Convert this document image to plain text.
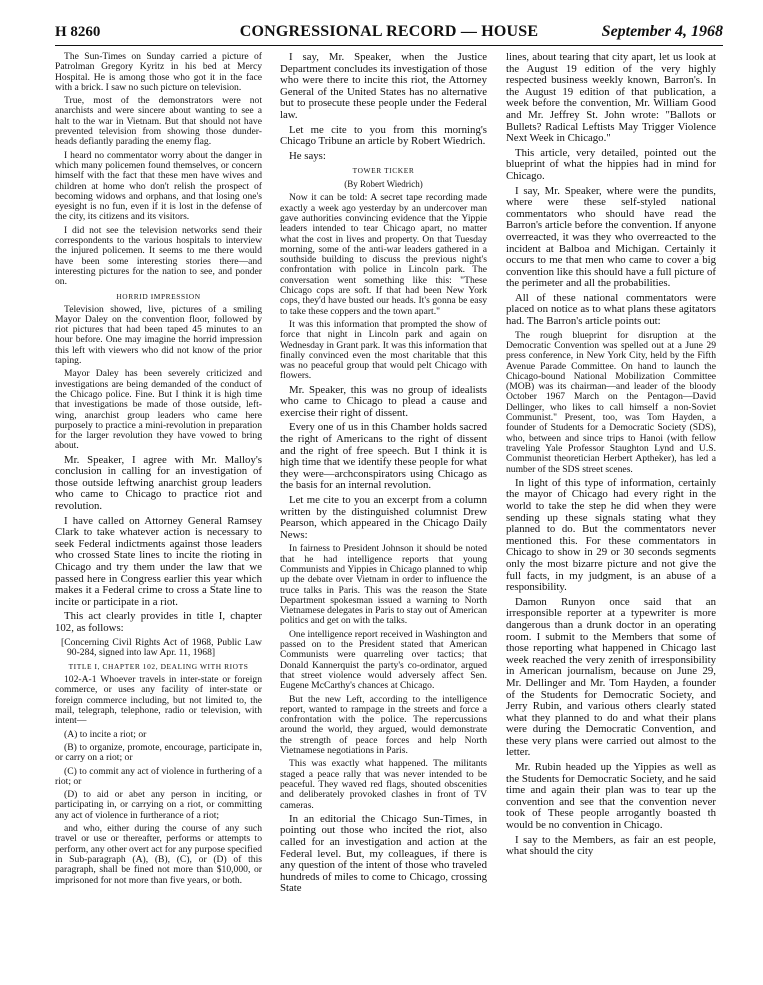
H 8260	CONGRESSIONAL RECORD — HOUSE	September 4, 1968

The Sun-Times on Sunday carried a picture of Patrolman Gregory Kyritz in his bed at Mercy Hospital. He is among those who got it in the face with a brick. I saw no such picture on television.

True, most of the demonstrators were not anarchists and were sincere about wanting to see a halt to the war in Vietnam. But that should not have prevented television from showing those dunder-heads defiantly parading the enemy flag.

I heard no commentator worry about the danger in which many policemen found themselves, or concern himself with the fact that these men have wives and children at home who don't relish the prospect of becoming widows and orphans, and that losing one's eyesight is no fun, even if it is lost in the defense of the city, its citizens and its visitors.

I did not see the television networks send their correspondents to the various hospitals to interview the injured policemen. It seems to me there would have been some interesting stories there—and interesting pictures for the nation to see, and ponder on.

HORRID IMPRESSION

Television showed, live, pictures of a smiling Mayor Daley on the convention floor, followed by riot pictures that had been taped 45 minutes to an hour before. One may imagine the horrid impression this left with viewers who did not know of the prior taping.

Mayor Daley has been severely criticized and investigations are being demanded of the conduct of the Chicago police. Fine. But I think it is high time that investigations be made of those outside, left-wing, anarchist group leaders who came here purposely to practice a mini-revolution in preparation for the larger revolution they have vowed to bring about.

Mr. Speaker, I agree with Mr. Malloy's conclusion in calling for an investigation of those outside leftwing anarchist group leaders who came to Chicago to practice riot and revolution.

I have called on Attorney General Ramsey Clark to take whatever action is necessary to seek Federal indictments against those leaders who crossed State lines to incite the rioting in Chicago and try them under the law that we passed here in Congress earlier this year which makes it a Federal crime to cross a State line to incite or participate in a riot.

This act clearly provides in title I, chapter 102, as follows:

[Concerning Civil Rights Act of 1968, Public Law 90-284, signed into law Apr. 11, 1968]

TITLE I, CHAPTER 102, DEALING WITH RIOTS

102-A-1 Whoever travels in inter-state or foreign commerce, or uses any facility of inter-state or foreign commerce including, but not limited to, the mail, telegraph, telephone, radio or television, with intent—

(A) to incite a riot; or

(B) to organize, promote, encourage, participate in, or carry on a riot; or

(C) to commit any act of violence in furthering of a riot; or

(D) to aid or abet any person in inciting, or participating in, or carrying on a riot, or committing any act of violence in furtherance of a riot;

and who, either during the course of any such travel or use or thereafter, performs or attempts to perform, any other overt act for any purpose specified in Sub-paragraph (A), (B), (C), or (D) of this paragraph, shall be fined not more than $10,000, or imprisoned for not more than five years, or both.

I say, Mr. Speaker, when the Justice Department concludes its investigation of those who were there to incite this riot, the Attorney General of the United States has no alternative but to prosecute these people under the Federal law.

Let me cite to you from this morning's Chicago Tribune an article by Robert Wiedrich.

He says:

TOWER TICKER

(By Robert Wiedrich)

Now it can be told: A secret tape recording made exactly a week ago yesterday by an undercover man gave authorities convincing evidence that the Yippie leaders intended to tear Chicago apart, no matter what the cost in lives and property. On that Tuesday morning, some of the anti-war leaders gathered in a southside building to discuss the previous night's confrontation with police in Lincoln park. The conversation went something like this: "These Chicago cops are soft. If that had been New York cops, they'd have busted our heads. It's gonna be easy to take these coppers and the town apart."

It was this information that prompted the show of force that night in Lincoln park and again on Wednesday in Grant park. It was this information that finally convinced even the most charitable that this was no peaceful group that would pelt Chicago with flowers.

Mr. Speaker, this was no group of idealists who came to Chicago to plead a cause and exercise their right of dissent.

Every one of us in this Chamber holds sacred the right of Americans to the right of dissent and the right of free speech. But I think it is high time that we identify these people for what they were—archconspirators using Chicago as the basis for an internal revolution.

Let me cite to you an excerpt from a column written by the distinguished columnist Drew Pearson, which appeared in the Chicago Daily News:

In fairness to President Johnson it should be noted that he had intelligence reports that young Communists and Yippies in Chicago planned to whip up the debate over Vietnam in order to influence the truce talks in Paris. This was the reason the State Department spokesman issued a warning to North Vietnamese delegates in Paris to stay out of American politics and get on with the talks.

One intelligence report received in Washington and passed on to the President stated that American Communists were quarreling over tactics; that Donald Kannerquist the party's co-ordinator, argued that street violence would adversely affect Sen. Eugene McCarthy's chances at Chicago.

But the new Left, according to the intelligence report, wanted to rampage in the streets and force a confrontation with the police. The repercussions around the world, they argued, would demonstrate the strength of peace forces and help North Vietnamese negotiations in Paris.

This was exactly what happened. The militants staged a peace rally that was never intended to be peaceful. They waved red flags, shouted obscenities and deliberately provoked clashes in front of TV cameras.

In an editorial the Chicago Sun-Times, in pointing out those who incited the riot, also called for an investigation and action at the Federal level. But, my colleagues, if there is any question of the intent of those who traveled hundreds of miles to come to Chicago, crossing State

lines, about tearing that city apart, let us look at the August 19 edition of the very highly respected business weekly known, Barron's. In the August 19 edition of that publication, a week before the convention, Mr. William Good and Mr. Jeffrey St. John wrote: "Ballots or Bullets? Radical Leftists May Trigger Violence Next Week in Chicago."

This article, very detailed, pointed out the blueprint of what the hippies had in mind for Chicago.

I say, Mr. Speaker, where were the pundits, where were these self-styled national commentators who should have read the Barron's article before the convention. If anyone overreacted, it was they who overreacted to the incident at Balboa and Michigan. Certainly it occurs to me that men who came to cover a big convention like this should have a full picture of the perimeter and all the probabilities.

All of these national commentators were placed on notice as to what plans these agitators had. The Barron's article points out:

The rough blueprint for disruption at the Democratic Convention was spelled out at a June 29 press conference, in New York City, held by the Fifth Avenue Parade Committee. On hand to launch the Chicago-bound National Mobilization Committee (MOB) was its chairman—and leader of the bloody October 1967 March on the Pentagon—David Dellinger, who likes to call himself a non-Soviet Communist." Present, too, was Tom Hayden, a founder of Students for a Democratic Society (SDS), who, between and since trips to Hanoi (with fellow traveling Yale Professor Staughton Lynd and U.S. Communist theoretician Herbert Aptheker), has led a number of the SDS street scenes.

In light of this type of information, certainly the mayor of Chicago had every right in the world to take the step he did when they were sending up these signals stating what they planned to do. But the commentators never mentioned this. For these commentators in Chicago to show in 29 or 30 seconds segments only the most bizarre picture and not give the full facts, in my judgment, is an abuse of a responsibility.

Damon Runyon once said that an irresponsible reporter at a typewriter is more dangerous than a drunk doctor in an operating room. I submit to the Members that some of those reporting what happened in Chicago last week reached the very zenith of irresponsibility in American journalism, because on June 29, Mr. Dellinger and Mr. Tom Hayden, a founder of the Students for Democratic Society, and Jerry Rubin, and various others clearly stated what they planned to do and what their plans were during the Democratic Convention, and these very plans were carried out almost to the letter.

Mr. Rubin headed up the Yippies as well as the Students for Democratic Society, and he said time and again their plan was to tear up the convention and see that the convention never took of These people arrogantly boasted th would be no convention in Chicago.

I say to the Members, as fair an est people, what should the city
